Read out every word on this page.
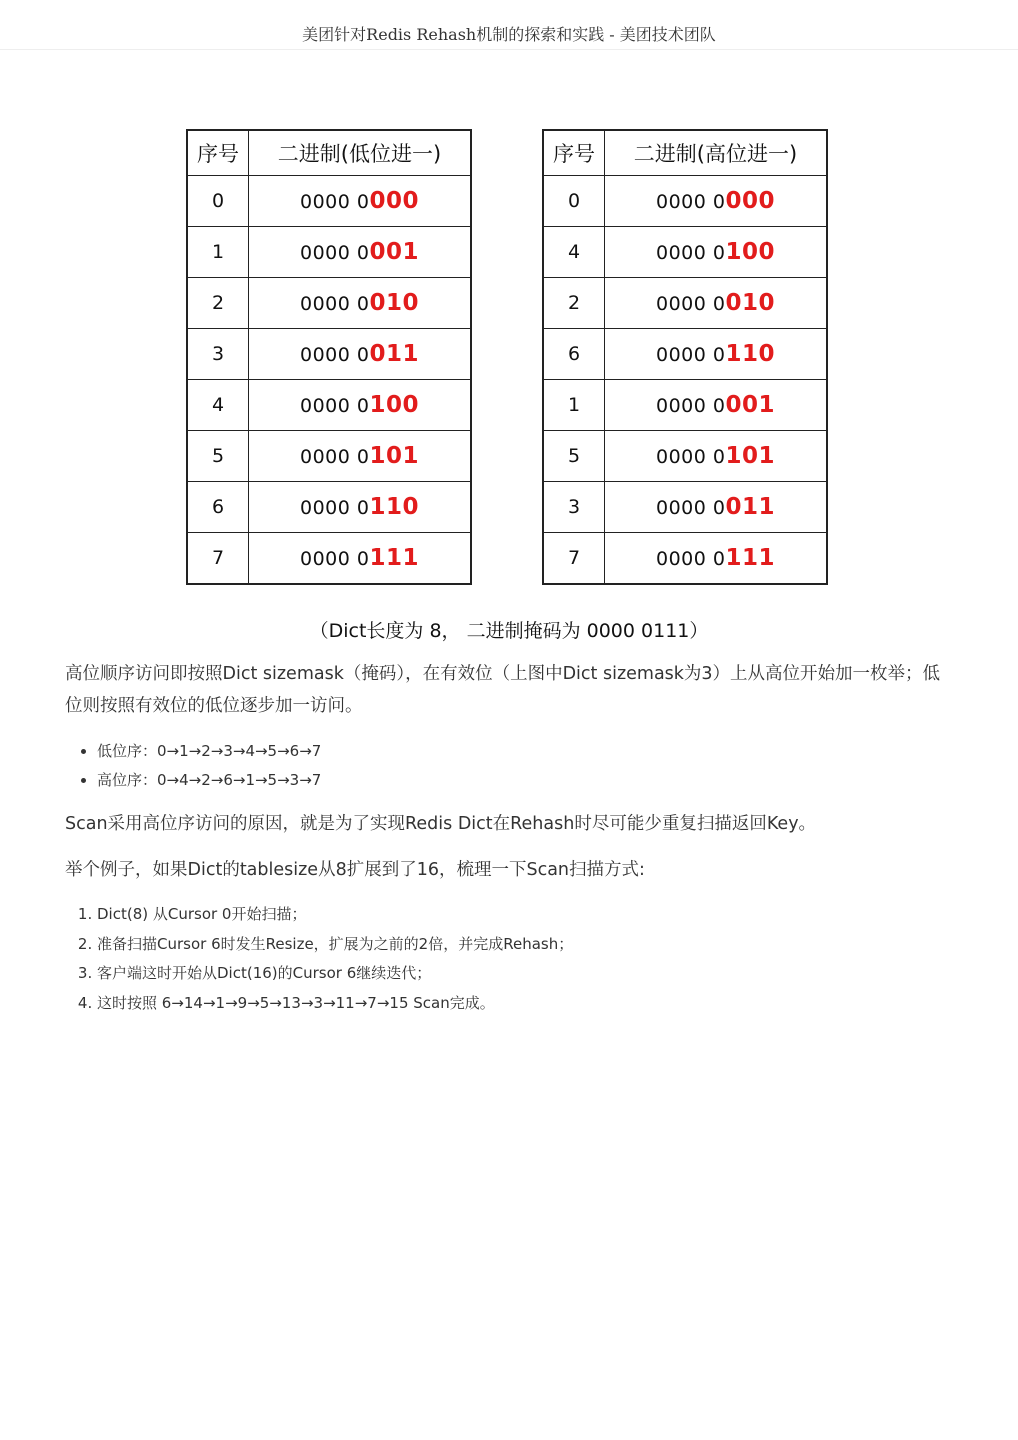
美团针对Redis Rehash机制的探索和实践 - 美团技术团队
序号	二进制(低位进一)
0	0000 0000
1	0000 0001
2	0000 0010
3	0000 0011
4	0000 0100
5	0000 0101
6	0000 0110
7	0000 0111
序号	二进制(高位进一)
0	0000 0000
4	0000 0100
2	0000 0010
6	0000 0110
1	0000 0001
5	0000 0101
3	0000 0011
7	0000 0111
（Dict长度为 8， 二进制掩码为 0000 0111）

高位顺序访问即按照Dict sizemask（掩码），在有效位（上图中Dict sizemask为3）上从高位开始加一枚举；低位则按照有效位的低位逐步加一访问。

• 低位序：0→1→2→3→4→5→6→7
• 高位序：0→4→2→6→1→5→3→7

Scan采用高位序访问的原因，就是为了实现Redis Dict在Rehash时尽可能少重复扫描返回Key。

举个例子，如果Dict的tablesize从8扩展到了16，梳理一下Scan扫描方式:

1. Dict(8) 从Cursor 0开始扫描；
2. 准备扫描Cursor 6时发生Resize，扩展为之前的2倍，并完成Rehash；
3. 客户端这时开始从Dict(16)的Cursor 6继续迭代；
4. 这时按照 6→14→1→9→5→13→3→11→7→15 Scan完成。
